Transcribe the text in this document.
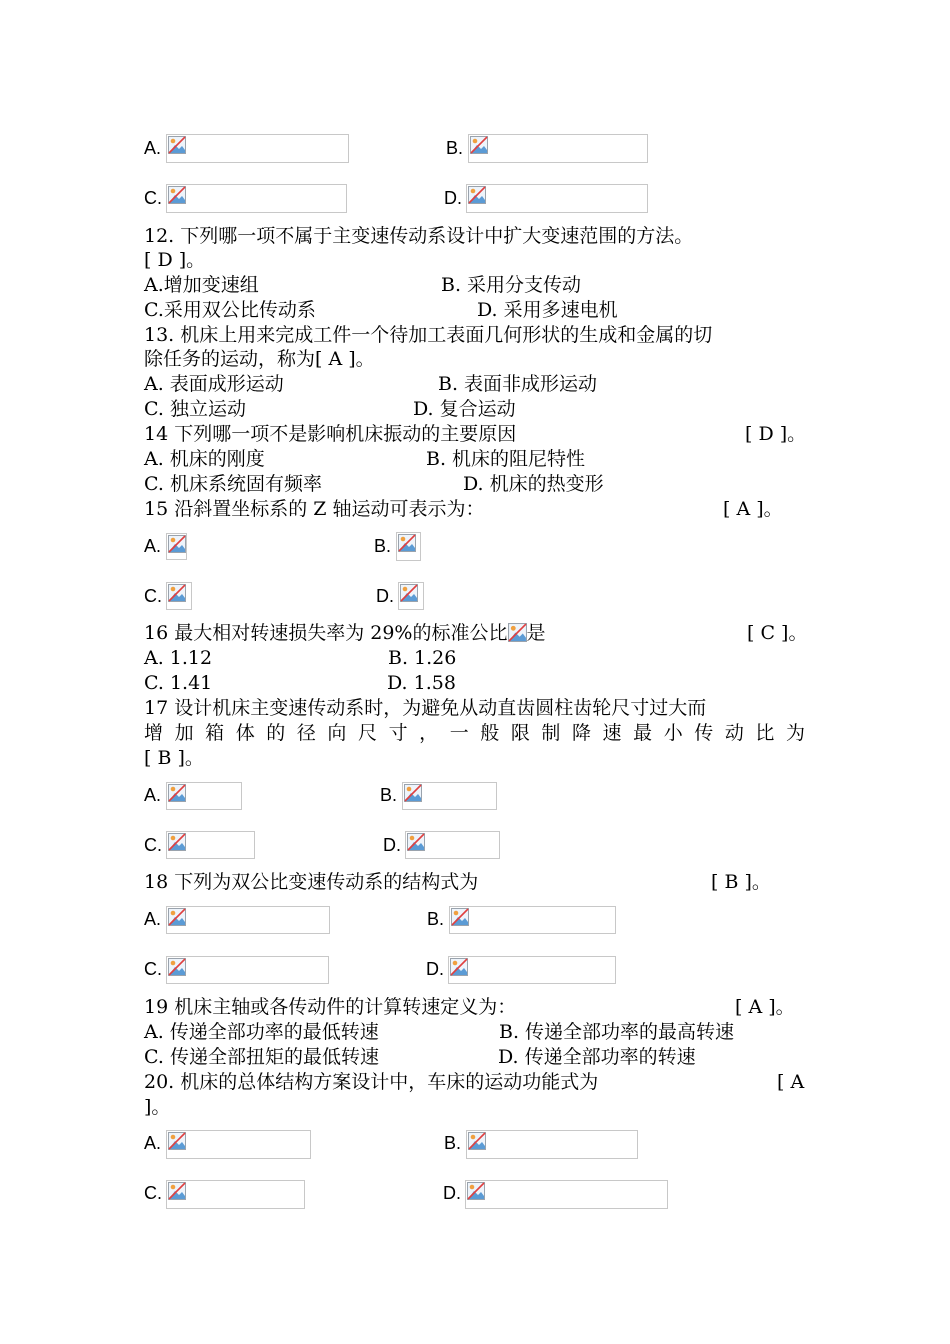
A.	B.
C.	D.
12. 下列哪一项不属于主变速传动系设计中扩大变速范围的方法。
[ D ]。
A.增加变速组	B. 采用分支传动
C.采用双公比传动系	D. 采用多速电机
13. 机床上用来完成工件一个待加工表面几何形状的生成和金属的切
除任务的运动，称为[ A ]。
A. 表面成形运动	B. 表面非成形运动
C. 独立运动	D. 复合运动
14 下列哪一项不是影响机床振动的主要原因	[ D ]。
A. 机床的刚度	B. 机床的阻尼特性
C. 机床系统固有频率	D. 机床的热变形
15 沿斜置坐标系的 Z 轴运动可表示为：	[ A ]。
A.	B.
C.	D.
16 最大相对转速损失率为 29%的标准公比 是	[ C ]。
A. 1.12	B. 1.26
C. 1.41	D. 1.58
17 设计机床主变速传动系时，为避免从动直齿圆柱齿轮尺寸过大而
增加箱体的径向尺寸，一般限制降速最小传动比为
[ B ]。
A.	B.
C.	D.
18 下列为双公比变速传动系的结构式为	[ B ]。
A.	B.
C.	D.
19 机床主轴或各传动件的计算转速定义为：	[ A ]。
A. 传递全部功率的最低转速	B. 传递全部功率的最高转速
C. 传递全部扭矩的最低转速	D. 传递全部功率的转速
20. 机床的总体结构方案设计中，车床的运动功能式为	[ A
]。
A.	B.
C.	D.
